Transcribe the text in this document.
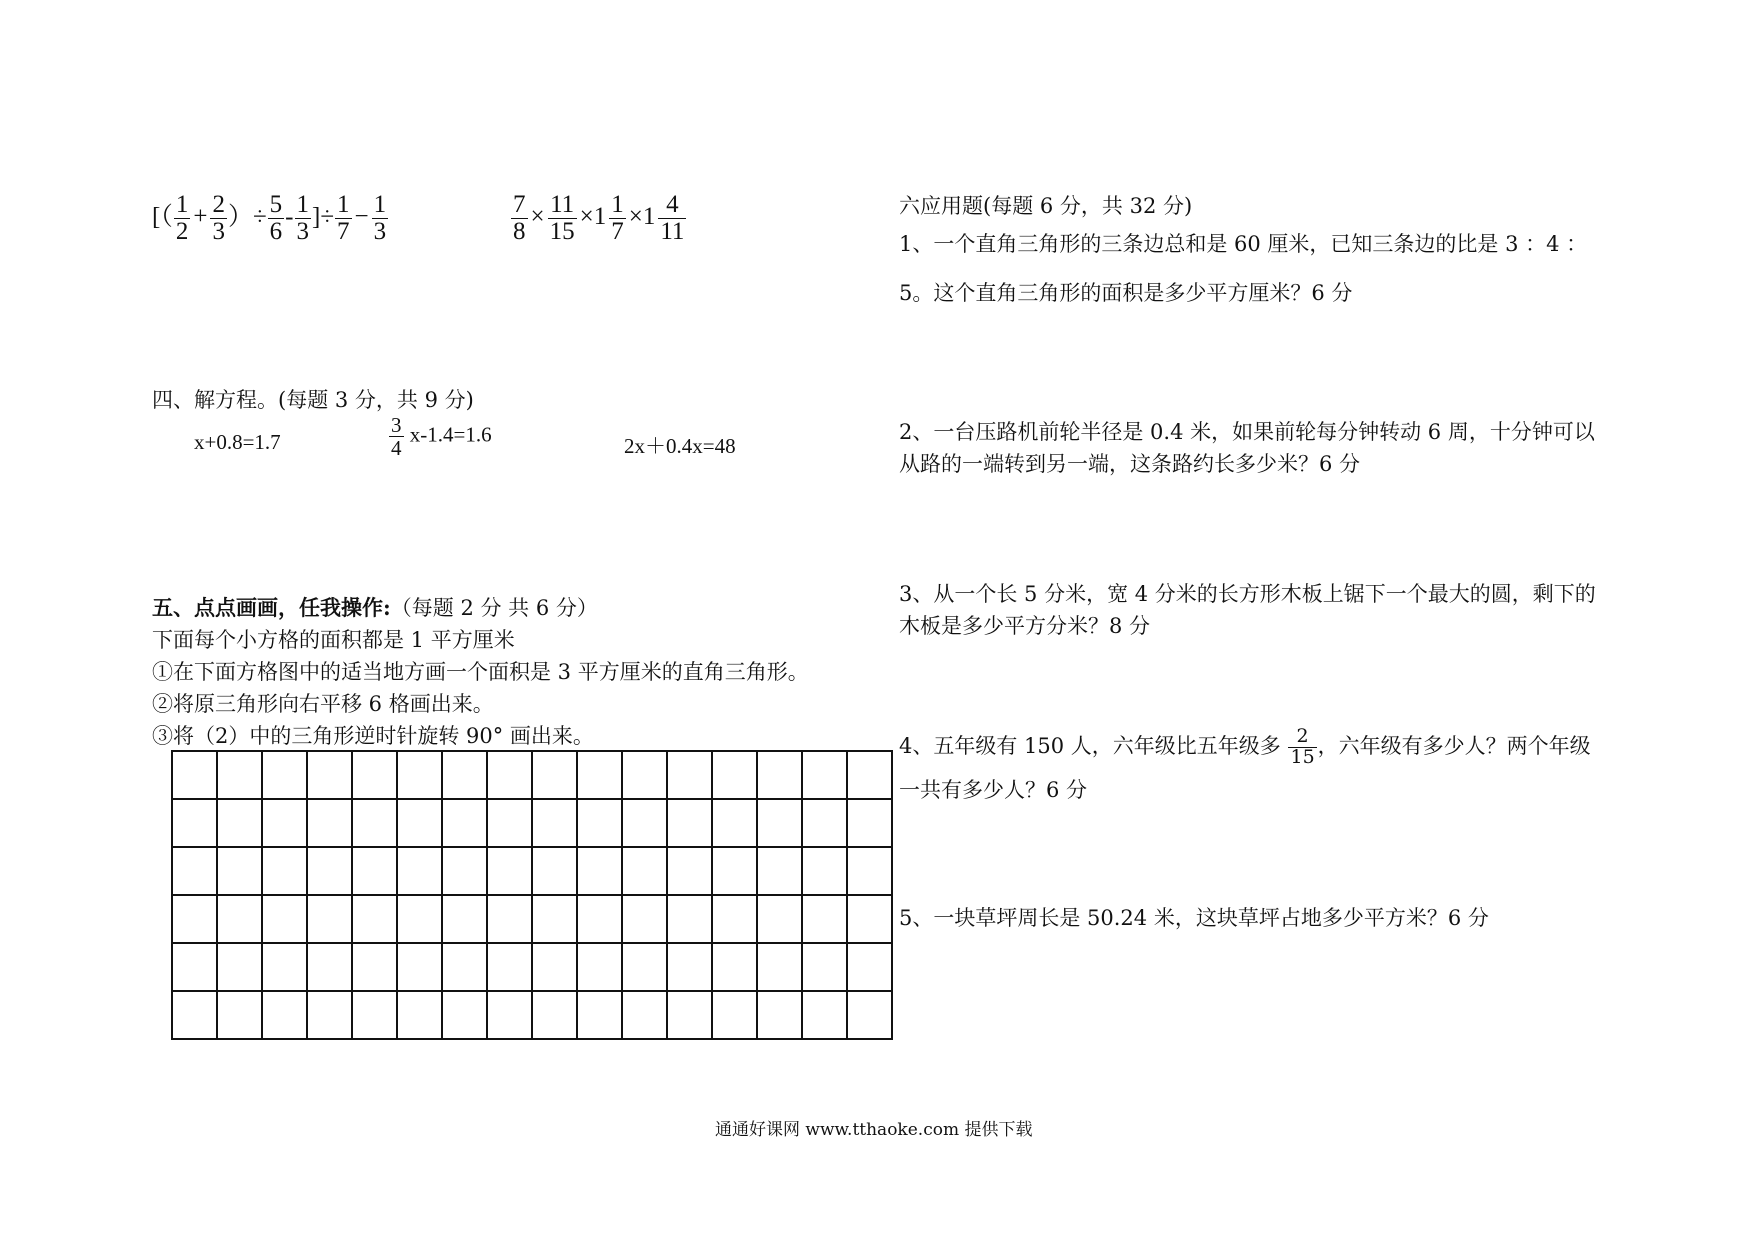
[（ $\frac{1}{2} + \frac{2}{3}$ ）÷ $\frac{5}{6} - \frac{1}{3}$ ]÷ $\frac{1}{7} - \frac{1}{3}$	$\frac{7}{8} \times \frac{11}{15} \times 1 \frac{1}{7} \times 1 \frac{4}{11}$
四、解方程。(每题 3 分，共 9 分)
x+0.8=1.7	$\frac{3}{4} x-1.4=1.6$	2x＋0.4x=48
五、点点画画，任我操作:（每题 2 分 共 6 分）
下面每个小方格的面积都是 1 平方厘米
①在下面方格图中的适当地方画一个面积是 3 平方厘米的直角三角形。
②将原三角形向右平移 6 格画出来。
③将（2）中的三角形逆时针旋转 90° 画出来。

六应用题(每题 6 分，共 32 分)
1、一个直角三角形的三条边总和是 60 厘米，已知三条边的比是 3 ：4 ：
5。这个直角三角形的面积是多少平方厘米？6 分
2、一台压路机前轮半径是 0.4 米，如果前轮每分钟转动 6 周，十分钟可以
从路的一端转到另一端，这条路约长多少米？6 分
3、从一个长 5 分米，宽 4 分米的长方形木板上锯下一个最大的圆，剩下的
木板是多少平方分米？8 分
4、五年级有 150 人，六年级比五年级多 $\frac{2}{15}$ ，六年级有多少人？两个年级
一共有多少人？6 分
5、一块草坪周长是 50.24 米，这块草坪占地多少平方米？6 分
通通好课网 www.tthaoke.com 提供下载
